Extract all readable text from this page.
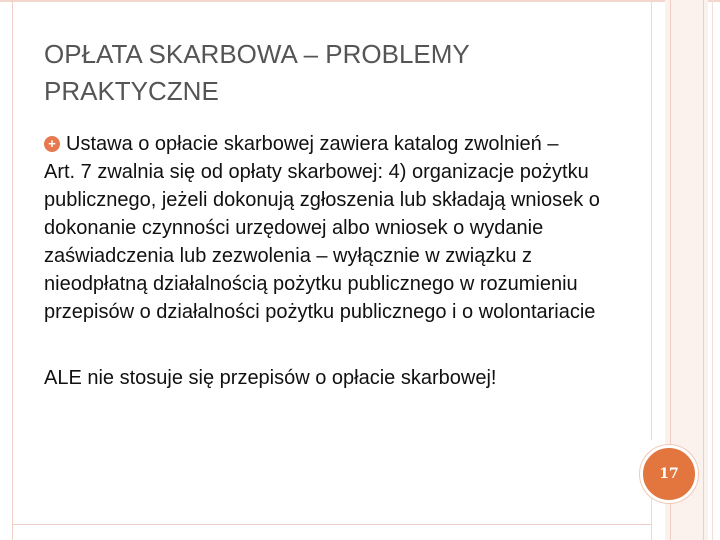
OPŁATA SKARBOWA – PROBLEMY PRAKTYCZNE
+ Ustawa o opłacie skarbowej zawiera katalog zwolnień –

Art. 7 zwalnia się od opłaty skarbowej: 4) organizacje pożytku publicznego, jeżeli dokonują zgłoszenia lub składają wniosek o dokonanie czynności urzędowej albo wniosek o wydanie zaświadczenia lub zezwolenia – wyłącznie w związku z nieodpłatną działalnością pożytku publicznego w rozumieniu przepisów o działalności pożytku publicznego i o wolontariacie

ALE nie stosuje się przepisów o opłacie skarbowej!

17
